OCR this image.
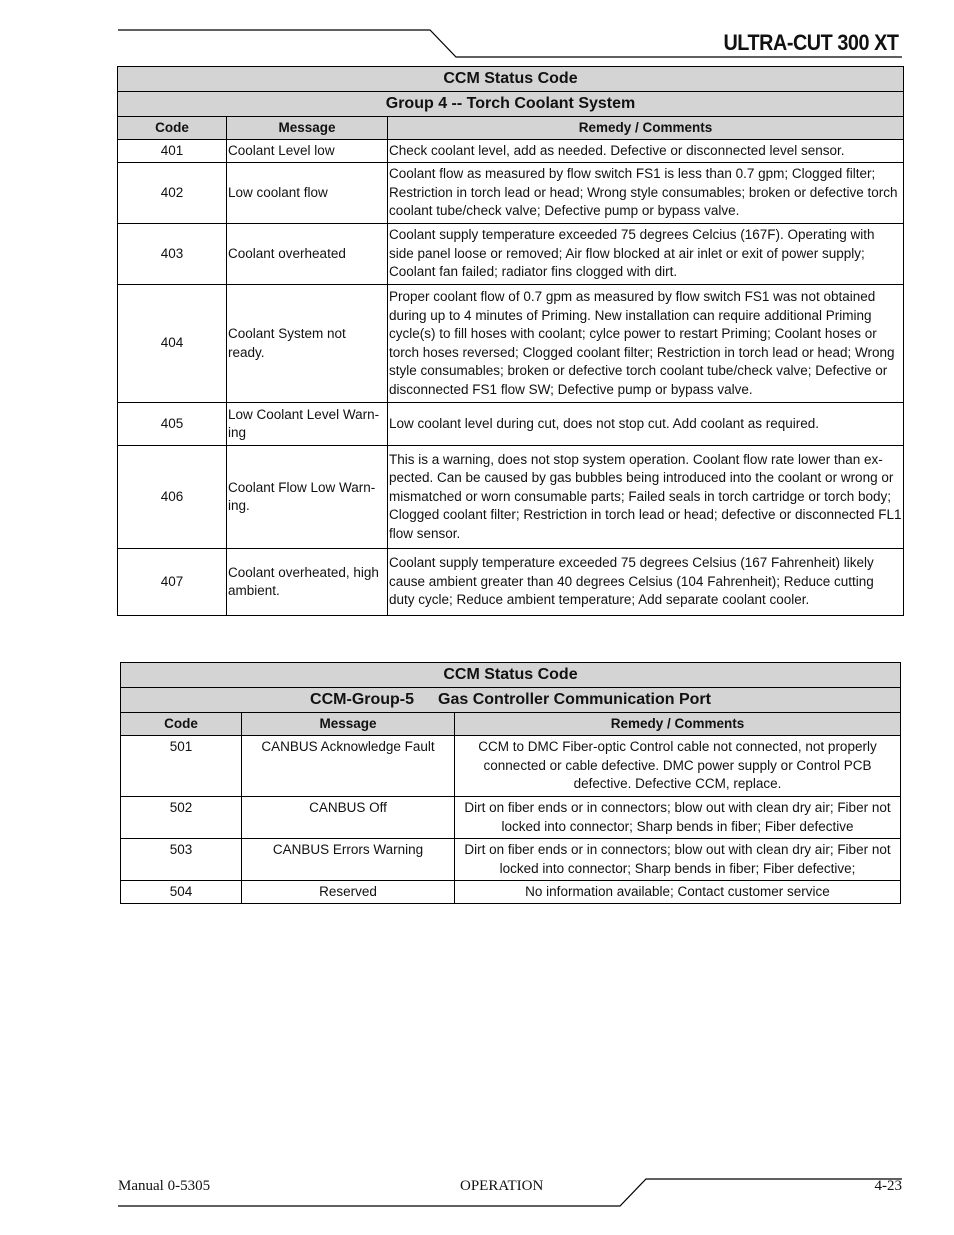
ULTRA-CUT 300 XT
CCM Status Code		
Group 4 -- Torch Coolant System		
Code	Message	Remedy / Comments
401	Coolant Level low	Check coolant level, add as needed. Defective or disconnected level sensor.
402	Low coolant flow	Coolant flow as measured by flow switch FS1 is less than 0.7 gpm; Clogged filter; Restriction in torch lead or head; Wrong style consumables; broken or defective torch coolant tube/check valve; Defective pump or bypass valve.
403	Coolant overheated	Coolant supply temperature exceeded 75 degrees Celcius (167F). Operating with side panel loose or removed; Air flow blocked at air inlet or exit of power supply; Coolant fan failed; radiator fins clogged with dirt.
404	Coolant System not ready.	Proper coolant flow of 0.7 gpm as measured by flow switch FS1 was not obtained during up to 4 minutes of Priming. New installation can require additional Priming cycle(s) to fill hoses with coolant; cylce power to restart Priming; Coolant hoses or torch hoses reversed; Clogged coolant filter; Restriction in torch lead or head; Wrong style consumables; broken or defective torch coolant tube/check valve; Defective or disconnected FS1 flow SW; Defective pump or bypass valve.
405	Low Coolant Level Warn-ing	Low coolant level during cut, does not stop cut. Add coolant as required.
406	Coolant Flow Low Warn-ing.	This is a warning, does not stop system operation. Coolant flow rate lower than ex-pected. Can be caused by gas bubbles being introduced into the coolant or wrong or mismatched or worn consumable parts; Failed seals in torch cartridge or torch body; Clogged coolant filter; Restriction in torch lead or head; defective or disconnected FL1 flow sensor.
407	Coolant overheated, high ambient.	Coolant supply temperature exceeded 75 degrees Celsius (167 Fahrenheit) likely cause ambient greater than 40 degrees Celsius (104 Fahrenheit); Reduce cutting duty cycle; Reduce ambient temperature; Add separate coolant cooler.
CCM Status Code		
CCM-Group-5 Gas Controller Communication Port		
Code	Message	Remedy / Comments
501	CANBUS Acknowledge Fault	CCM to DMC Fiber-optic Control cable not connected, not properly connected or cable defective. DMC power supply or Control PCB defective. Defective CCM, replace.
502	CANBUS Off	Dirt on fiber ends or in connectors; blow out with clean dry air; Fiber not locked into connector; Sharp bends in fiber; Fiber defective
503	CANBUS Errors Warning	Dirt on fiber ends or in connectors; blow out with clean dry air; Fiber not locked into connector; Sharp bends in fiber; Fiber defective;
504	Reserved	No information available; Contact customer service
Manual 0-5305	OPERATION	4-23
